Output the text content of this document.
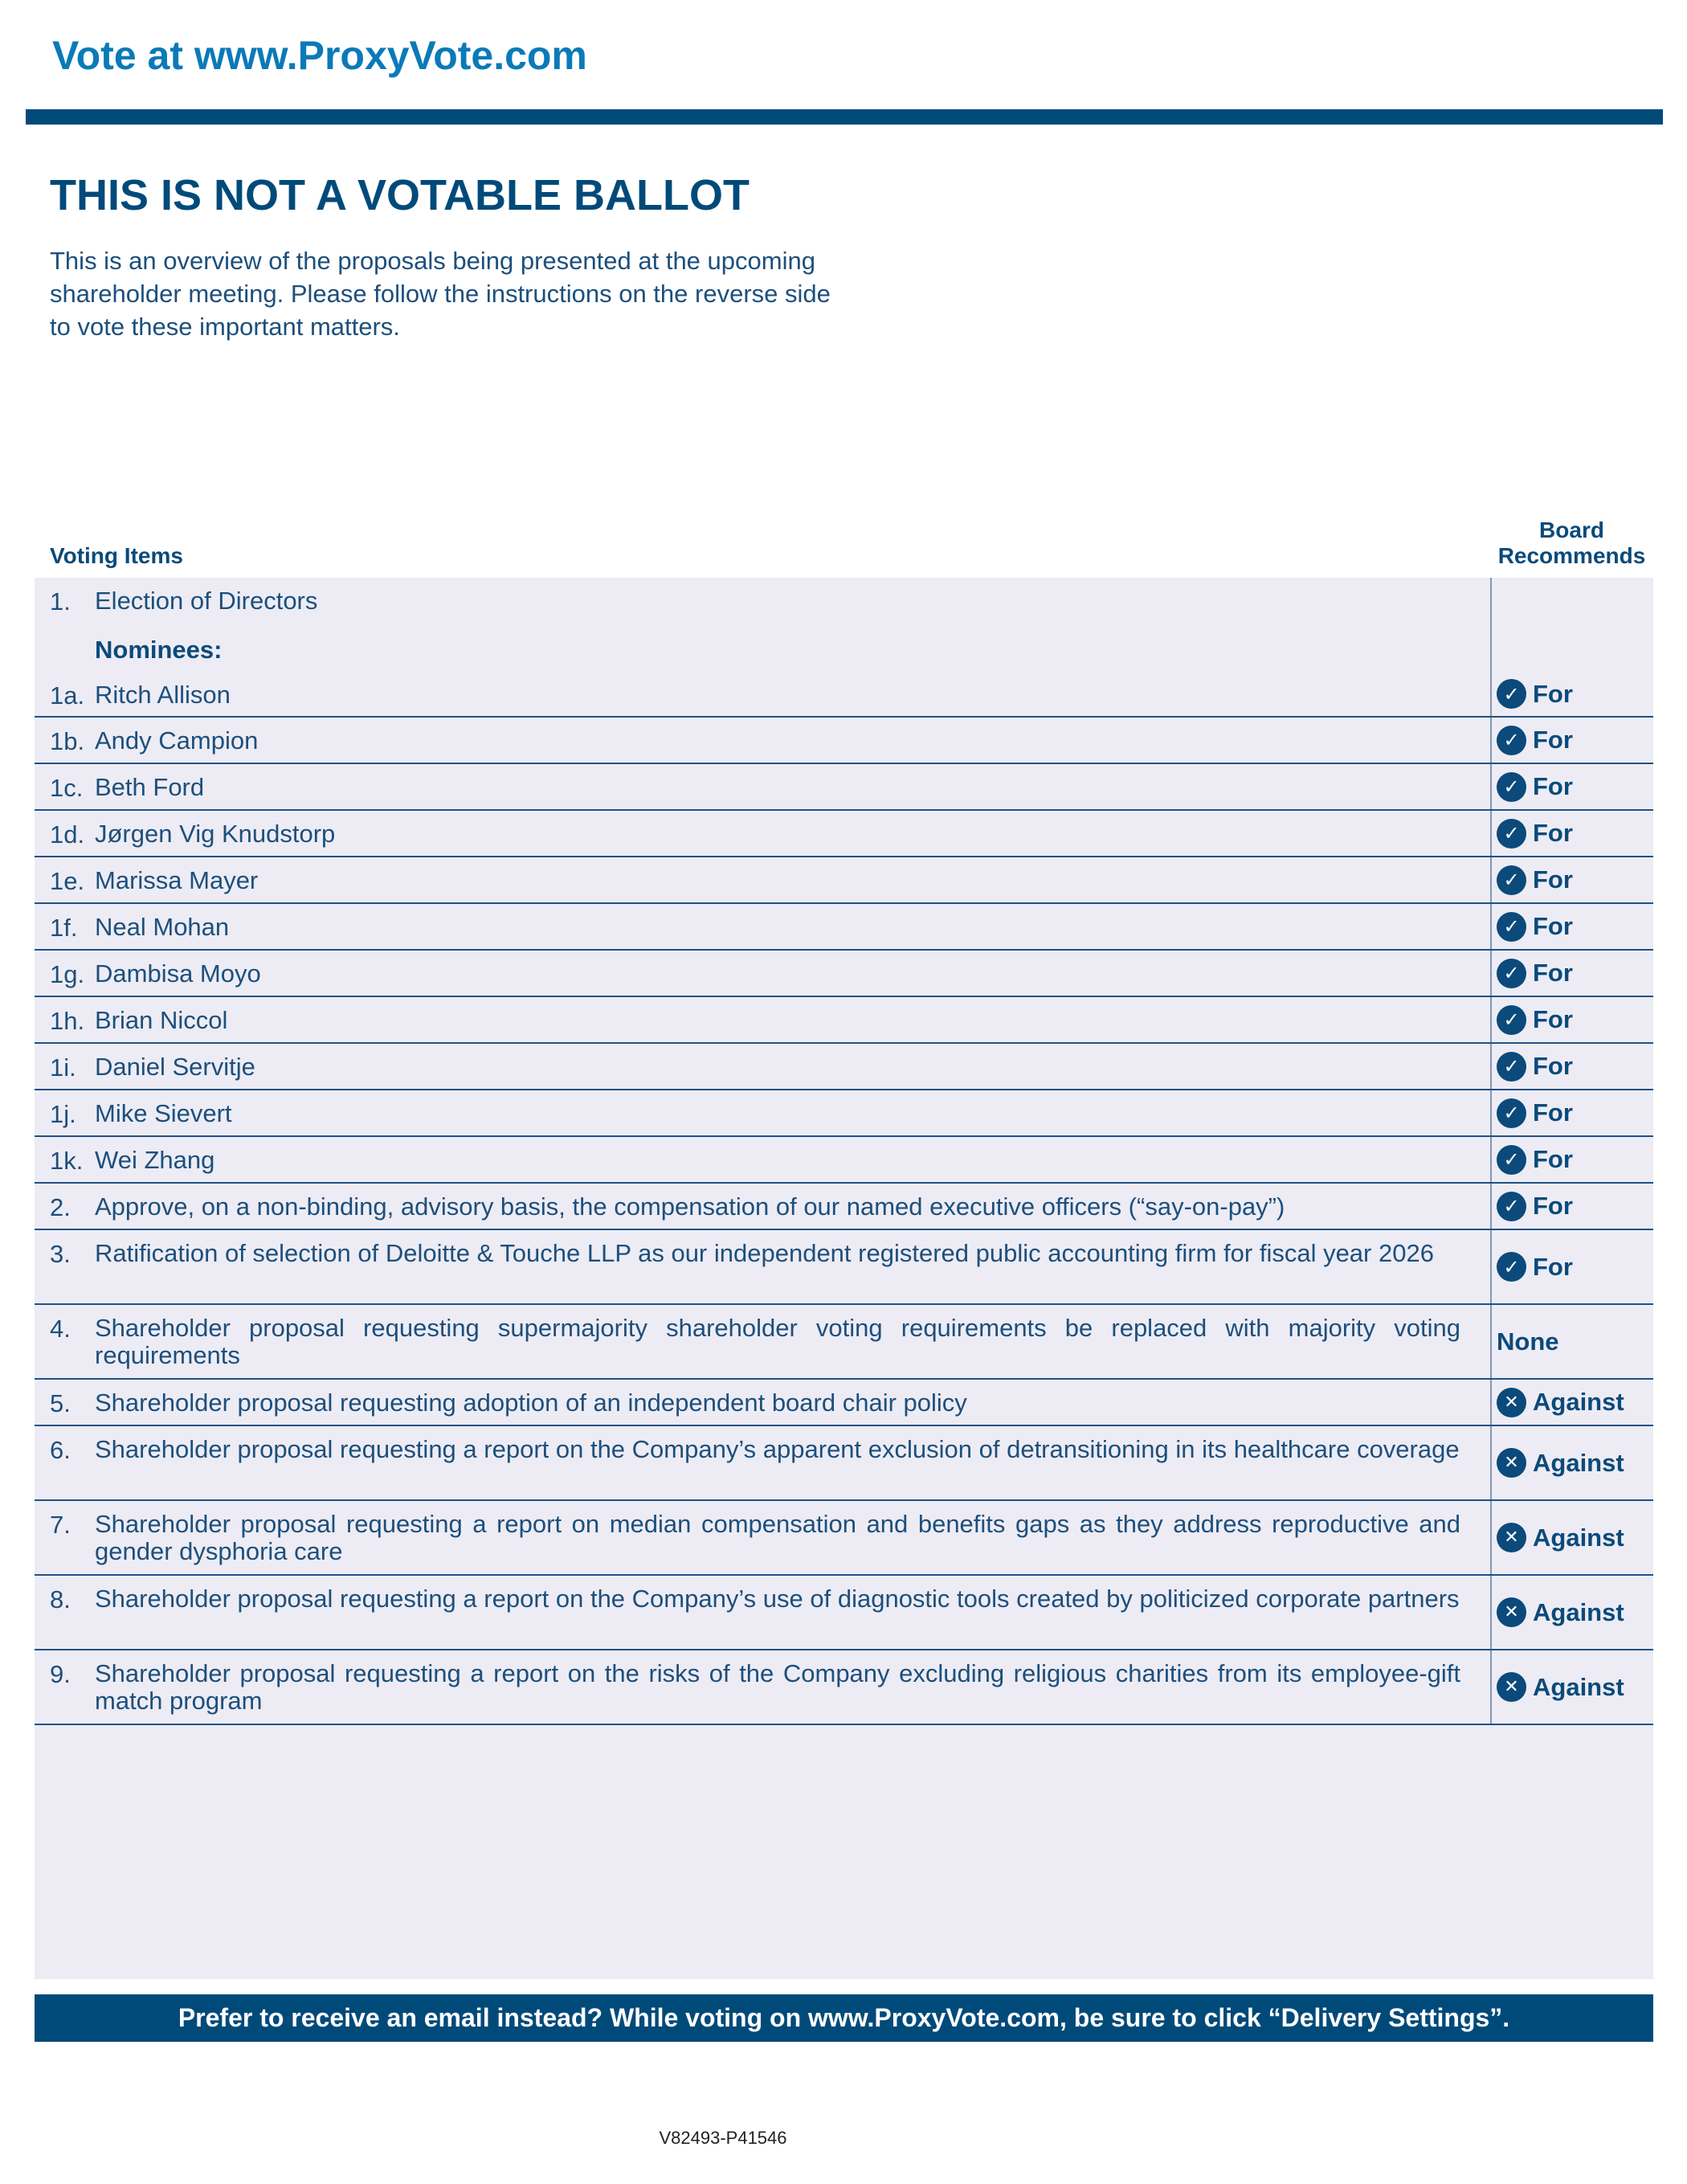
Vote at www.ProxyVote.com
THIS IS NOT A VOTABLE BALLOT
This is an overview of the proposals being presented at the upcoming shareholder meeting. Please follow the instructions on the reverse side to vote these important matters.
Voting Items
Board Recommends
1. Election of Directors
Nominees:
1a. Ritch Allison	✓ For
1b. Andy Campion	✓ For
1c. Beth Ford	✓ For
1d. Jørgen Vig Knudstorp	✓ For
1e. Marissa Mayer	✓ For
1f. Neal Mohan	✓ For
1g. Dambisa Moyo	✓ For
1h. Brian Niccol	✓ For
1i. Daniel Servitje	✓ For
1j. Mike Sievert	✓ For
1k. Wei Zhang	✓ For
2. Approve, on a non-binding, advisory basis, the compensation of our named executive officers (“say-on-pay”)	✓ For
3. Ratification of selection of Deloitte & Touche LLP as our independent registered public accounting firm for fiscal year 2026	✓ For
4. Shareholder proposal requesting supermajority shareholder voting requirements be replaced with majority voting requirements	None
5. Shareholder proposal requesting adoption of an independent board chair policy	✕ Against
6. Shareholder proposal requesting a report on the Company’s apparent exclusion of detransitioning in its healthcare coverage	✕ Against
7. Shareholder proposal requesting a report on median compensation and benefits gaps as they address reproductive and gender dysphoria care	✕ Against
8. Shareholder proposal requesting a report on the Company’s use of diagnostic tools created by politicized corporate partners	✕ Against
9. Shareholder proposal requesting a report on the risks of the Company excluding religious charities from its employee-gift match program	✕ Against
Prefer to receive an email instead? While voting on www.ProxyVote.com, be sure to click “Delivery Settings”.
V82493-P41546
